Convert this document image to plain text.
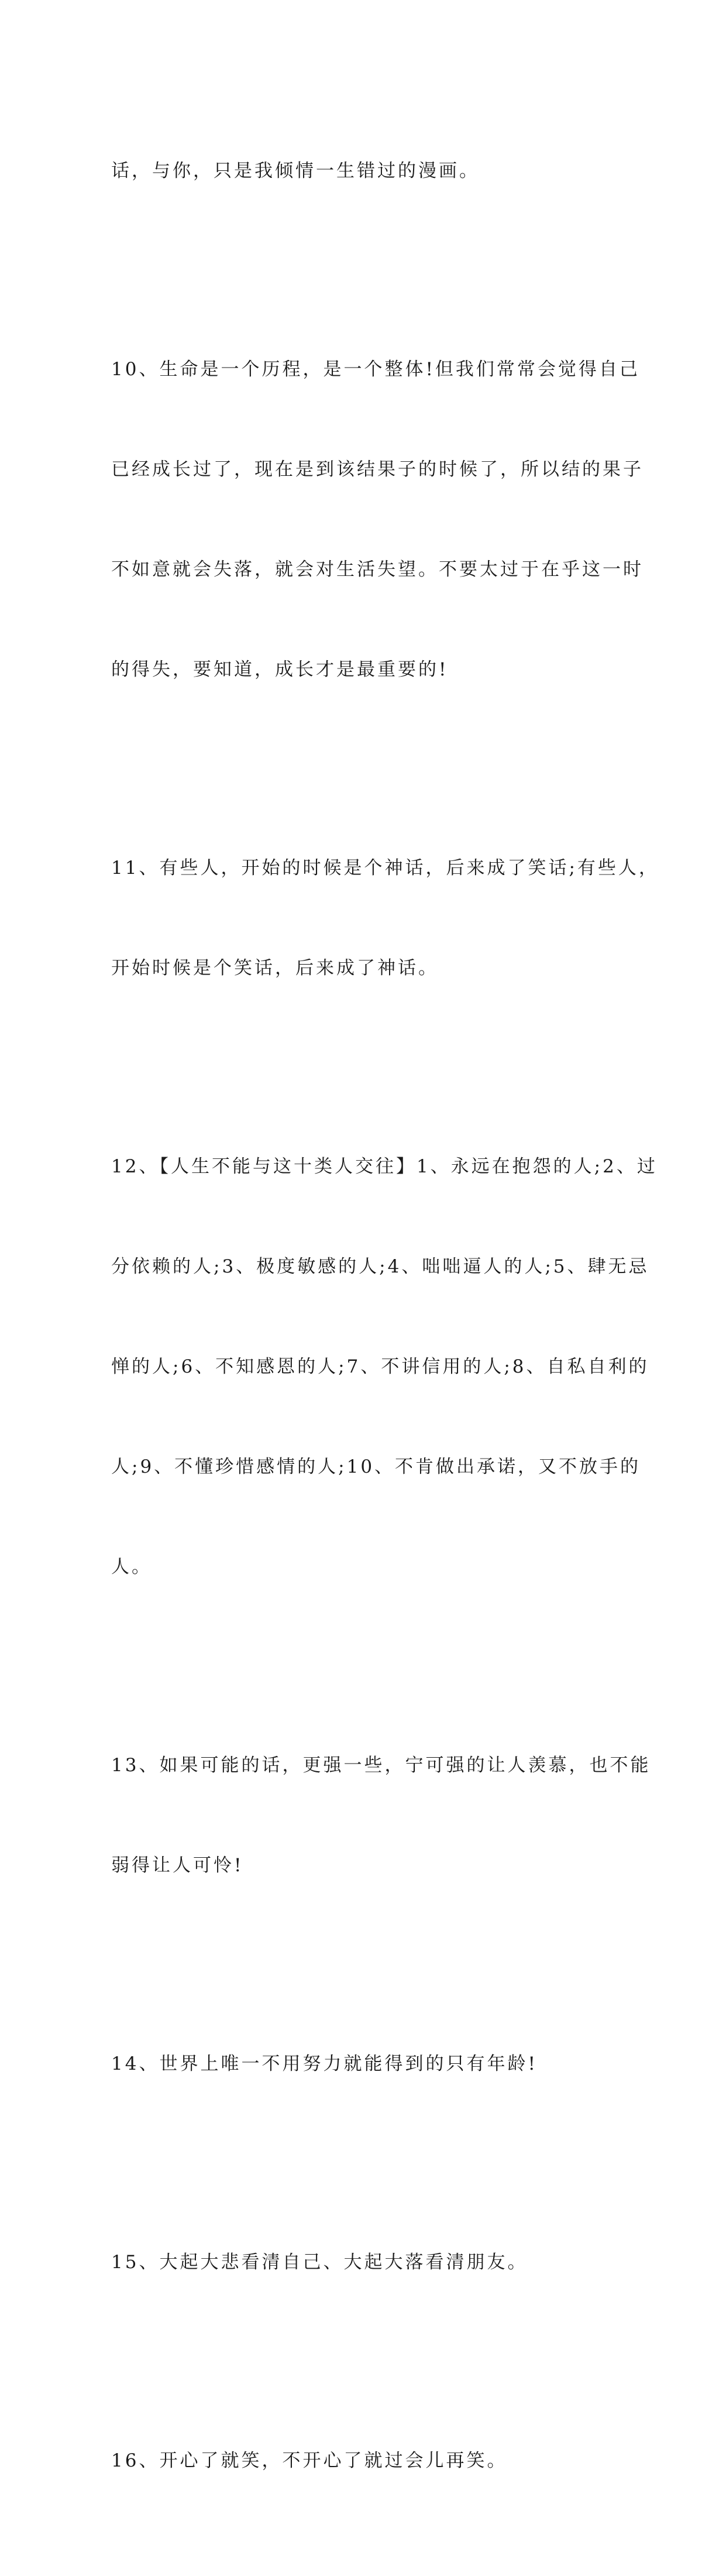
话，与你，只是我倾情一生错过的漫画。

10、生命是一个历程，是一个整体!但我们常常会觉得自己

已经成长过了，现在是到该结果子的时候了，所以结的果子

不如意就会失落，就会对生活失望。不要太过于在乎这一时

的得失，要知道，成长才是最重要的!

11、有些人，开始的时候是个神话，后来成了笑话;有些人，

开始时候是个笑话，后来成了神话。

12、【人生不能与这十类人交往】1、永远在抱怨的人;2、过

分依赖的人;3、极度敏感的人;4、咄咄逼人的人;5、肆无忌

惮的人;6、不知感恩的人;7、不讲信用的人;8、自私自利的

人;9、不懂珍惜感情的人;10、不肯做出承诺，又不放手的

人。

13、如果可能的话，更强一些，宁可强的让人羡慕，也不能

弱得让人可怜!

14、世界上唯一不用努力就能得到的只有年龄!

15、大起大悲看清自己、大起大落看清朋友。

16、开心了就笑，不开心了就过会儿再笑。
